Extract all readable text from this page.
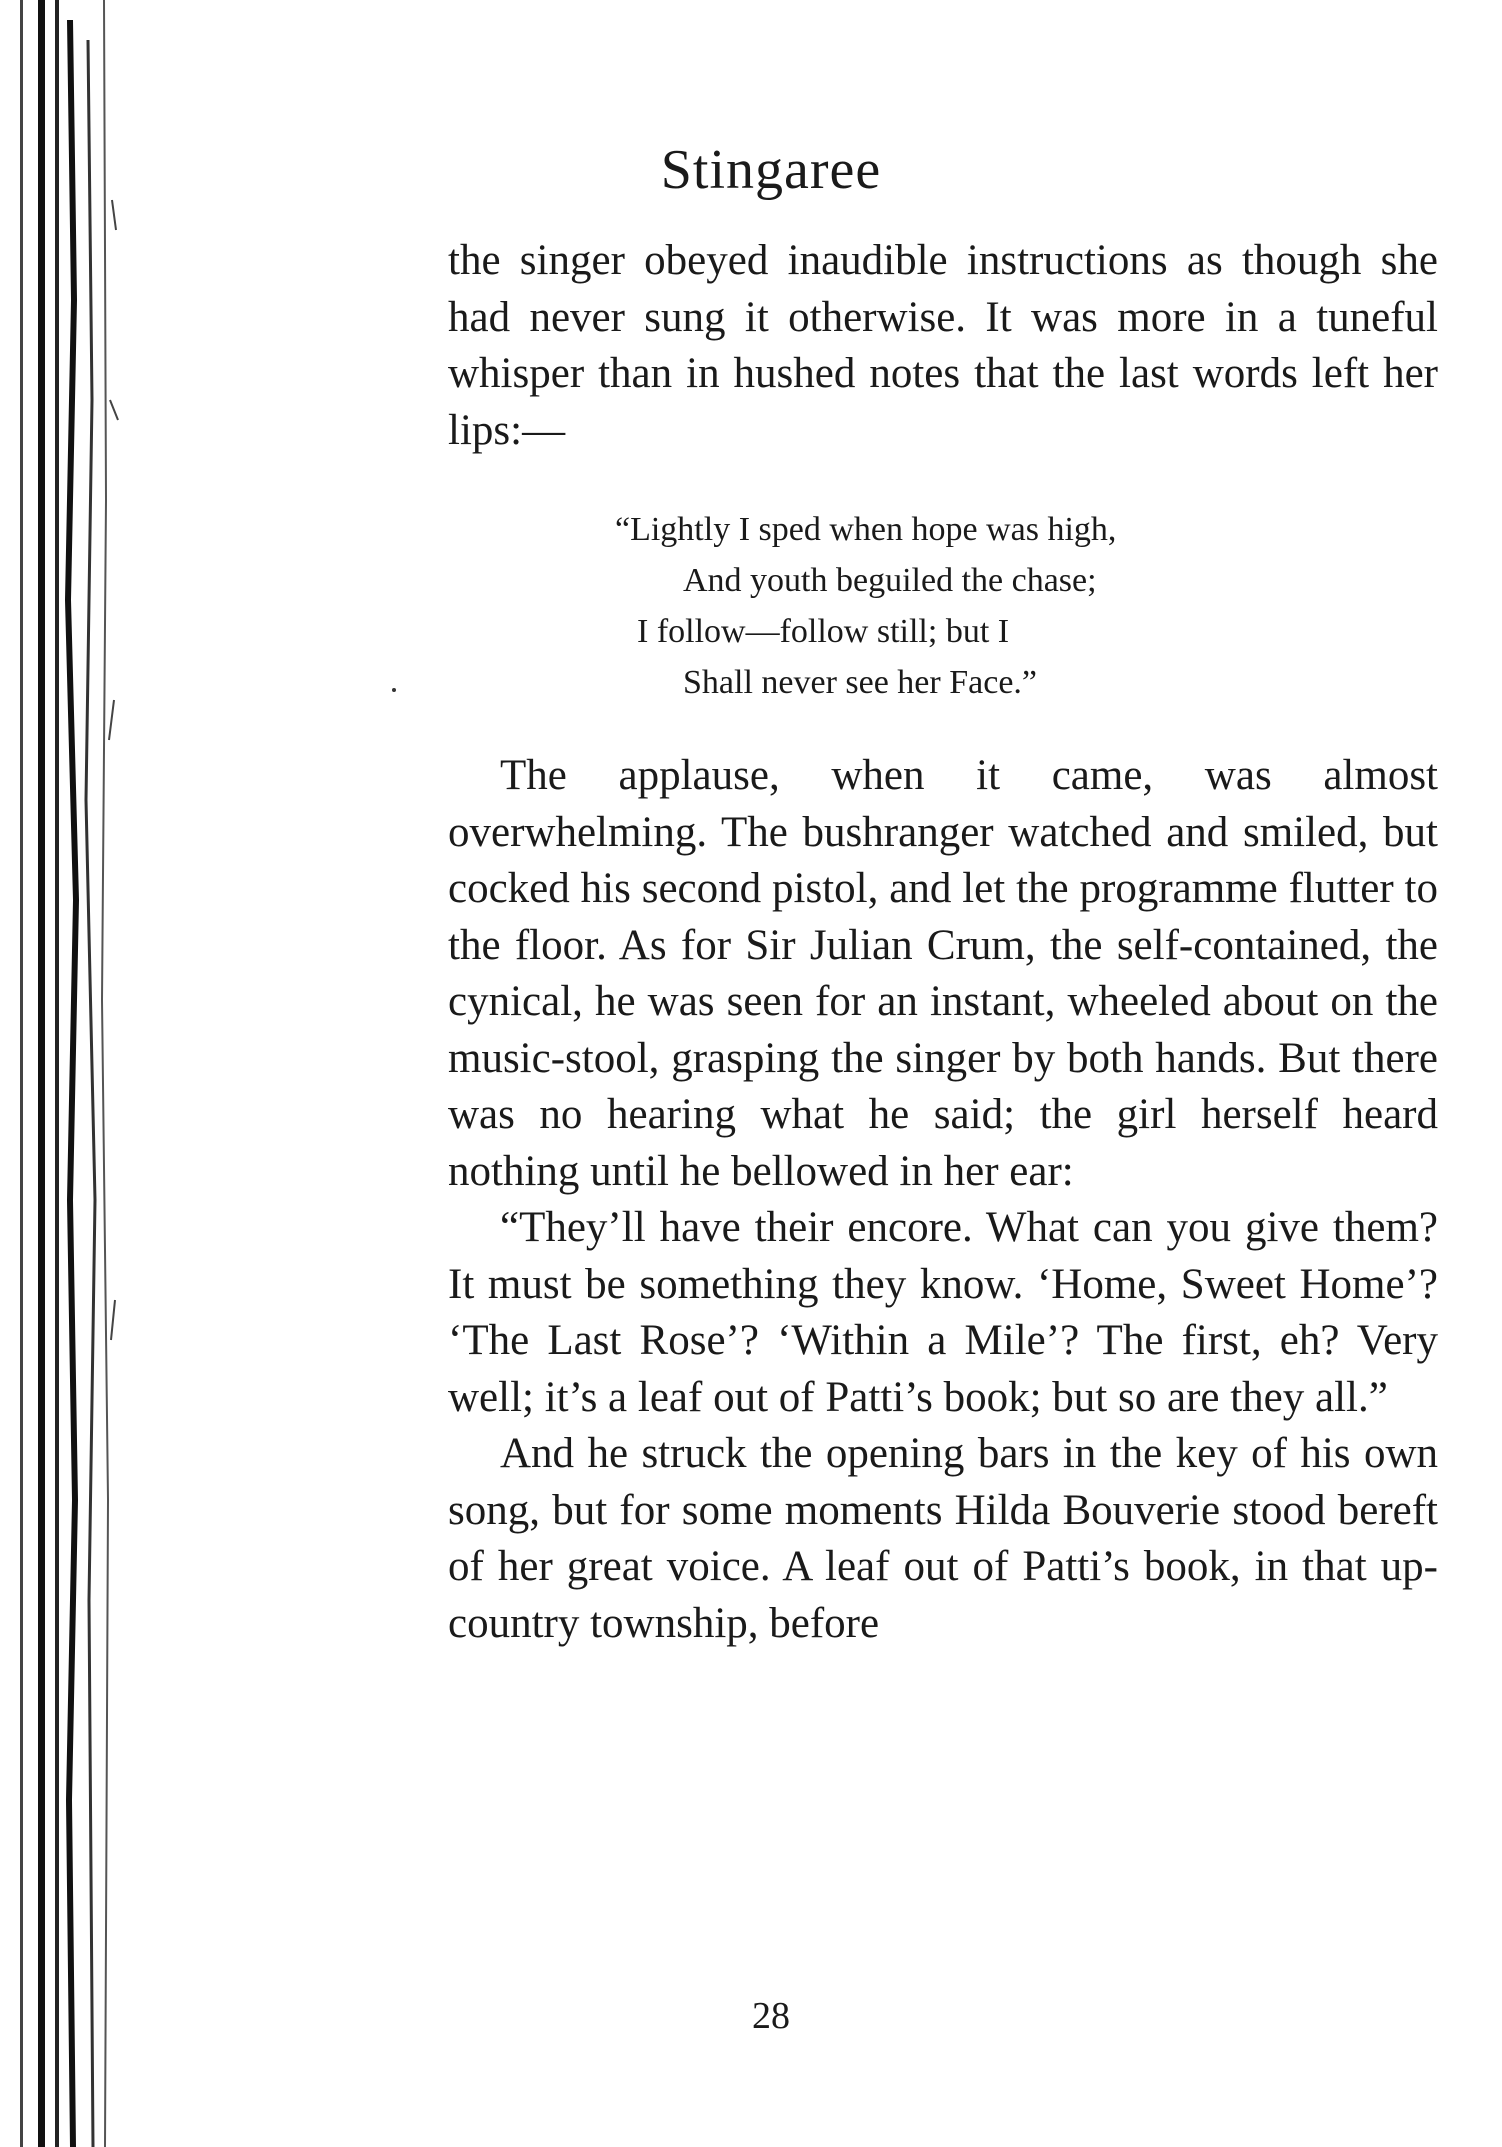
Stingaree

the singer obeyed inaudible instructions as though she had never sung it otherwise. It was more in a tuneful whisper than in hushed notes that the last words left her lips:—

“Lightly I sped when hope was high,
And youth beguiled the chase;
I follow—follow still; but I
Shall never see her Face.”

The applause, when it came, was almost overwhelming. The bushranger watched and smiled, but cocked his second pistol, and let the programme flutter to the floor. As for Sir Julian Crum, the self-contained, the cynical, he was seen for an instant, wheeled about on the music-stool, grasping the singer by both hands. But there was no hearing what he said; the girl herself heard nothing until he bellowed in her ear:

“They’ll have their encore. What can you give them? It must be something they know. ‘Home, Sweet Home’? ‘The Last Rose’? ‘Within a Mile’? The first, eh? Very well; it’s a leaf out of Patti’s book; but so are they all.”

And he struck the opening bars in the key of his own song, but for some moments Hilda Bouverie stood bereft of her great voice. A leaf out of Patti’s book, in that up-country township, before

28
